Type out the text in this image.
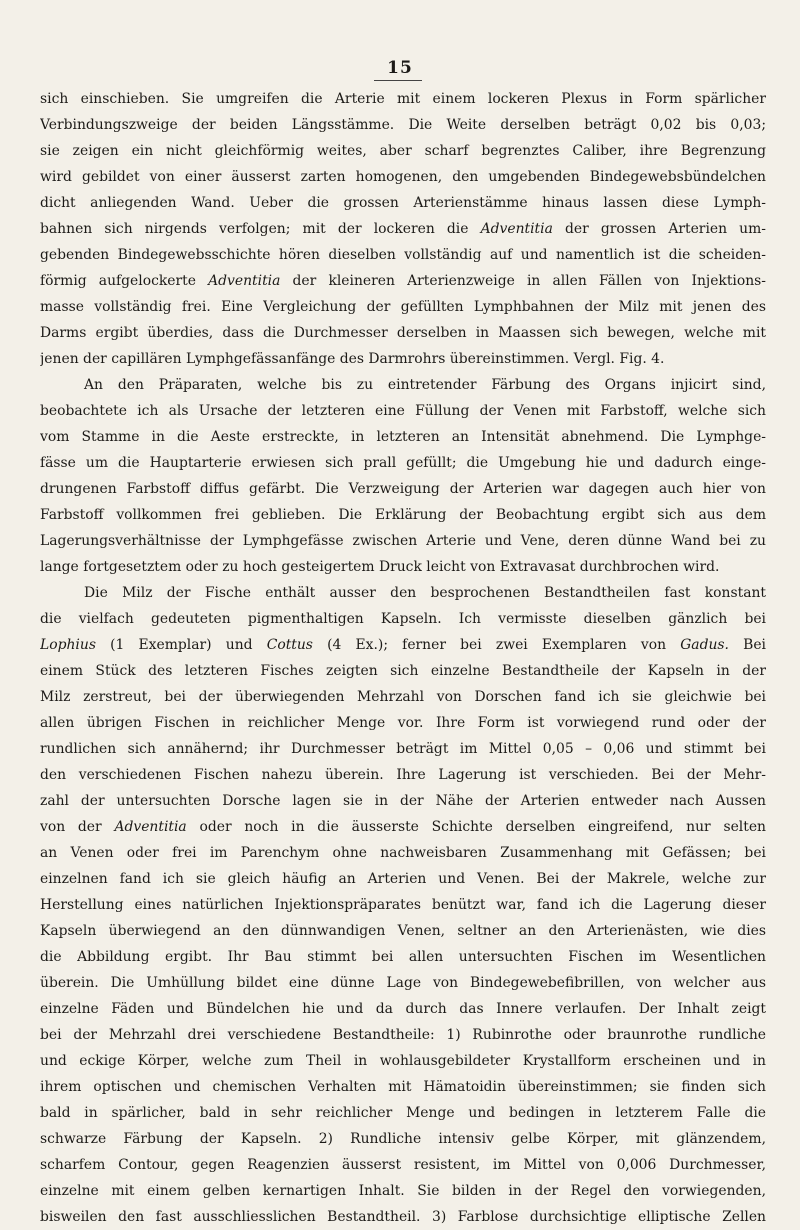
15
sich einschieben. Sie umgreifen die Arterie mit einem lockeren Plexus in Form spärlicher
Verbindungszweige der beiden Längsstämme. Die Weite derselben beträgt 0,02 bis 0,03;
sie zeigen ein nicht gleichförmig weites, aber scharf begrenztes Caliber, ihre Begrenzung
wird gebildet von einer äusserst zarten homogenen, den umgebenden Bindegewebsbündelchen
dicht anliegenden Wand. Ueber die grossen Arterienstämme hinaus lassen diese Lymph-
bahnen sich nirgends verfolgen; mit der lockeren die Adventitia der grossen Arterien um-
gebenden Bindegewebsschichte hören dieselben vollständig auf und namentlich ist die scheiden-
förmig aufgelockerte Adventitia der kleineren Arterienzweige in allen Fällen von Injektions-
masse vollständig frei. Eine Vergleichung der gefüllten Lymphbahnen der Milz mit jenen des
Darms ergibt überdies, dass die Durchmesser derselben in Maassen sich bewegen, welche mit
jenen der capillären Lymphgefässanfänge des Darmrohrs übereinstimmen. Vergl. Fig. 4.
An den Präparaten, welche bis zu eintretender Färbung des Organs injicirt sind,
beobachtete ich als Ursache der letzteren eine Füllung der Venen mit Farbstoff, welche sich
vom Stamme in die Aeste erstreckte, in letzteren an Intensität abnehmend. Die Lymphge-
fässe um die Hauptarterie erwiesen sich prall gefüllt; die Umgebung hie und dadurch einge-
drungenen Farbstoff diffus gefärbt. Die Verzweigung der Arterien war dagegen auch hier von
Farbstoff vollkommen frei geblieben. Die Erklärung der Beobachtung ergibt sich aus dem
Lagerungsverhältnisse der Lymphgefässe zwischen Arterie und Vene, deren dünne Wand bei zu
lange fortgesetztem oder zu hoch gesteigertem Druck leicht von Extravasat durchbrochen wird.
Die Milz der Fische enthält ausser den besprochenen Bestandtheilen fast konstant
die vielfach gedeuteten pigmenthaltigen Kapseln. Ich vermisste dieselben gänzlich bei
Lophius (1 Exemplar) und Cottus (4 Ex.); ferner bei zwei Exemplaren von Gadus. Bei
einem Stück des letzteren Fisches zeigten sich einzelne Bestandtheile der Kapseln in der
Milz zerstreut, bei der überwiegenden Mehrzahl von Dorschen fand ich sie gleichwie bei
allen übrigen Fischen in reichlicher Menge vor. Ihre Form ist vorwiegend rund oder der
rundlichen sich annähernd; ihr Durchmesser beträgt im Mittel 0,05 – 0,06 und stimmt bei
den verschiedenen Fischen nahezu überein. Ihre Lagerung ist verschieden. Bei der Mehr-
zahl der untersuchten Dorsche lagen sie in der Nähe der Arterien entweder nach Aussen
von der Adventitia oder noch in die äusserste Schichte derselben eingreifend, nur selten
an Venen oder frei im Parenchym ohne nachweisbaren Zusammenhang mit Gefässen; bei
einzelnen fand ich sie gleich häufig an Arterien und Venen. Bei der Makrele, welche zur
Herstellung eines natürlichen Injektionspräparates benützt war, fand ich die Lagerung dieser
Kapseln überwiegend an den dünnwandigen Venen, seltner an den Arterienästen, wie dies
die Abbildung ergibt. Ihr Bau stimmt bei allen untersuchten Fischen im Wesentlichen
überein. Die Umhüllung bildet eine dünne Lage von Bindegewebefibrillen, von welcher aus
einzelne Fäden und Bündelchen hie und da durch das Innere verlaufen. Der Inhalt zeigt
bei der Mehrzahl drei verschiedene Bestandtheile: 1) Rubinrothe oder braunrothe rundliche
und eckige Körper, welche zum Theil in wohlausgebildeter Krystallform erscheinen und in
ihrem optischen und chemischen Verhalten mit Hämatoidin übereinstimmen; sie finden sich
bald in spärlicher, bald in sehr reichlicher Menge und bedingen in letzterem Falle die
schwarze Färbung der Kapseln. 2) Rundliche intensiv gelbe Körper, mit glänzendem,
scharfem Contour, gegen Reagenzien äusserst resistent, im Mittel von 0,006 Durchmesser,
einzelne mit einem gelben kernartigen Inhalt. Sie bilden in der Regel den vorwiegenden,
bisweilen den fast ausschliesslichen Bestandtheil. 3) Farblose durchsichtige elliptische Zellen
